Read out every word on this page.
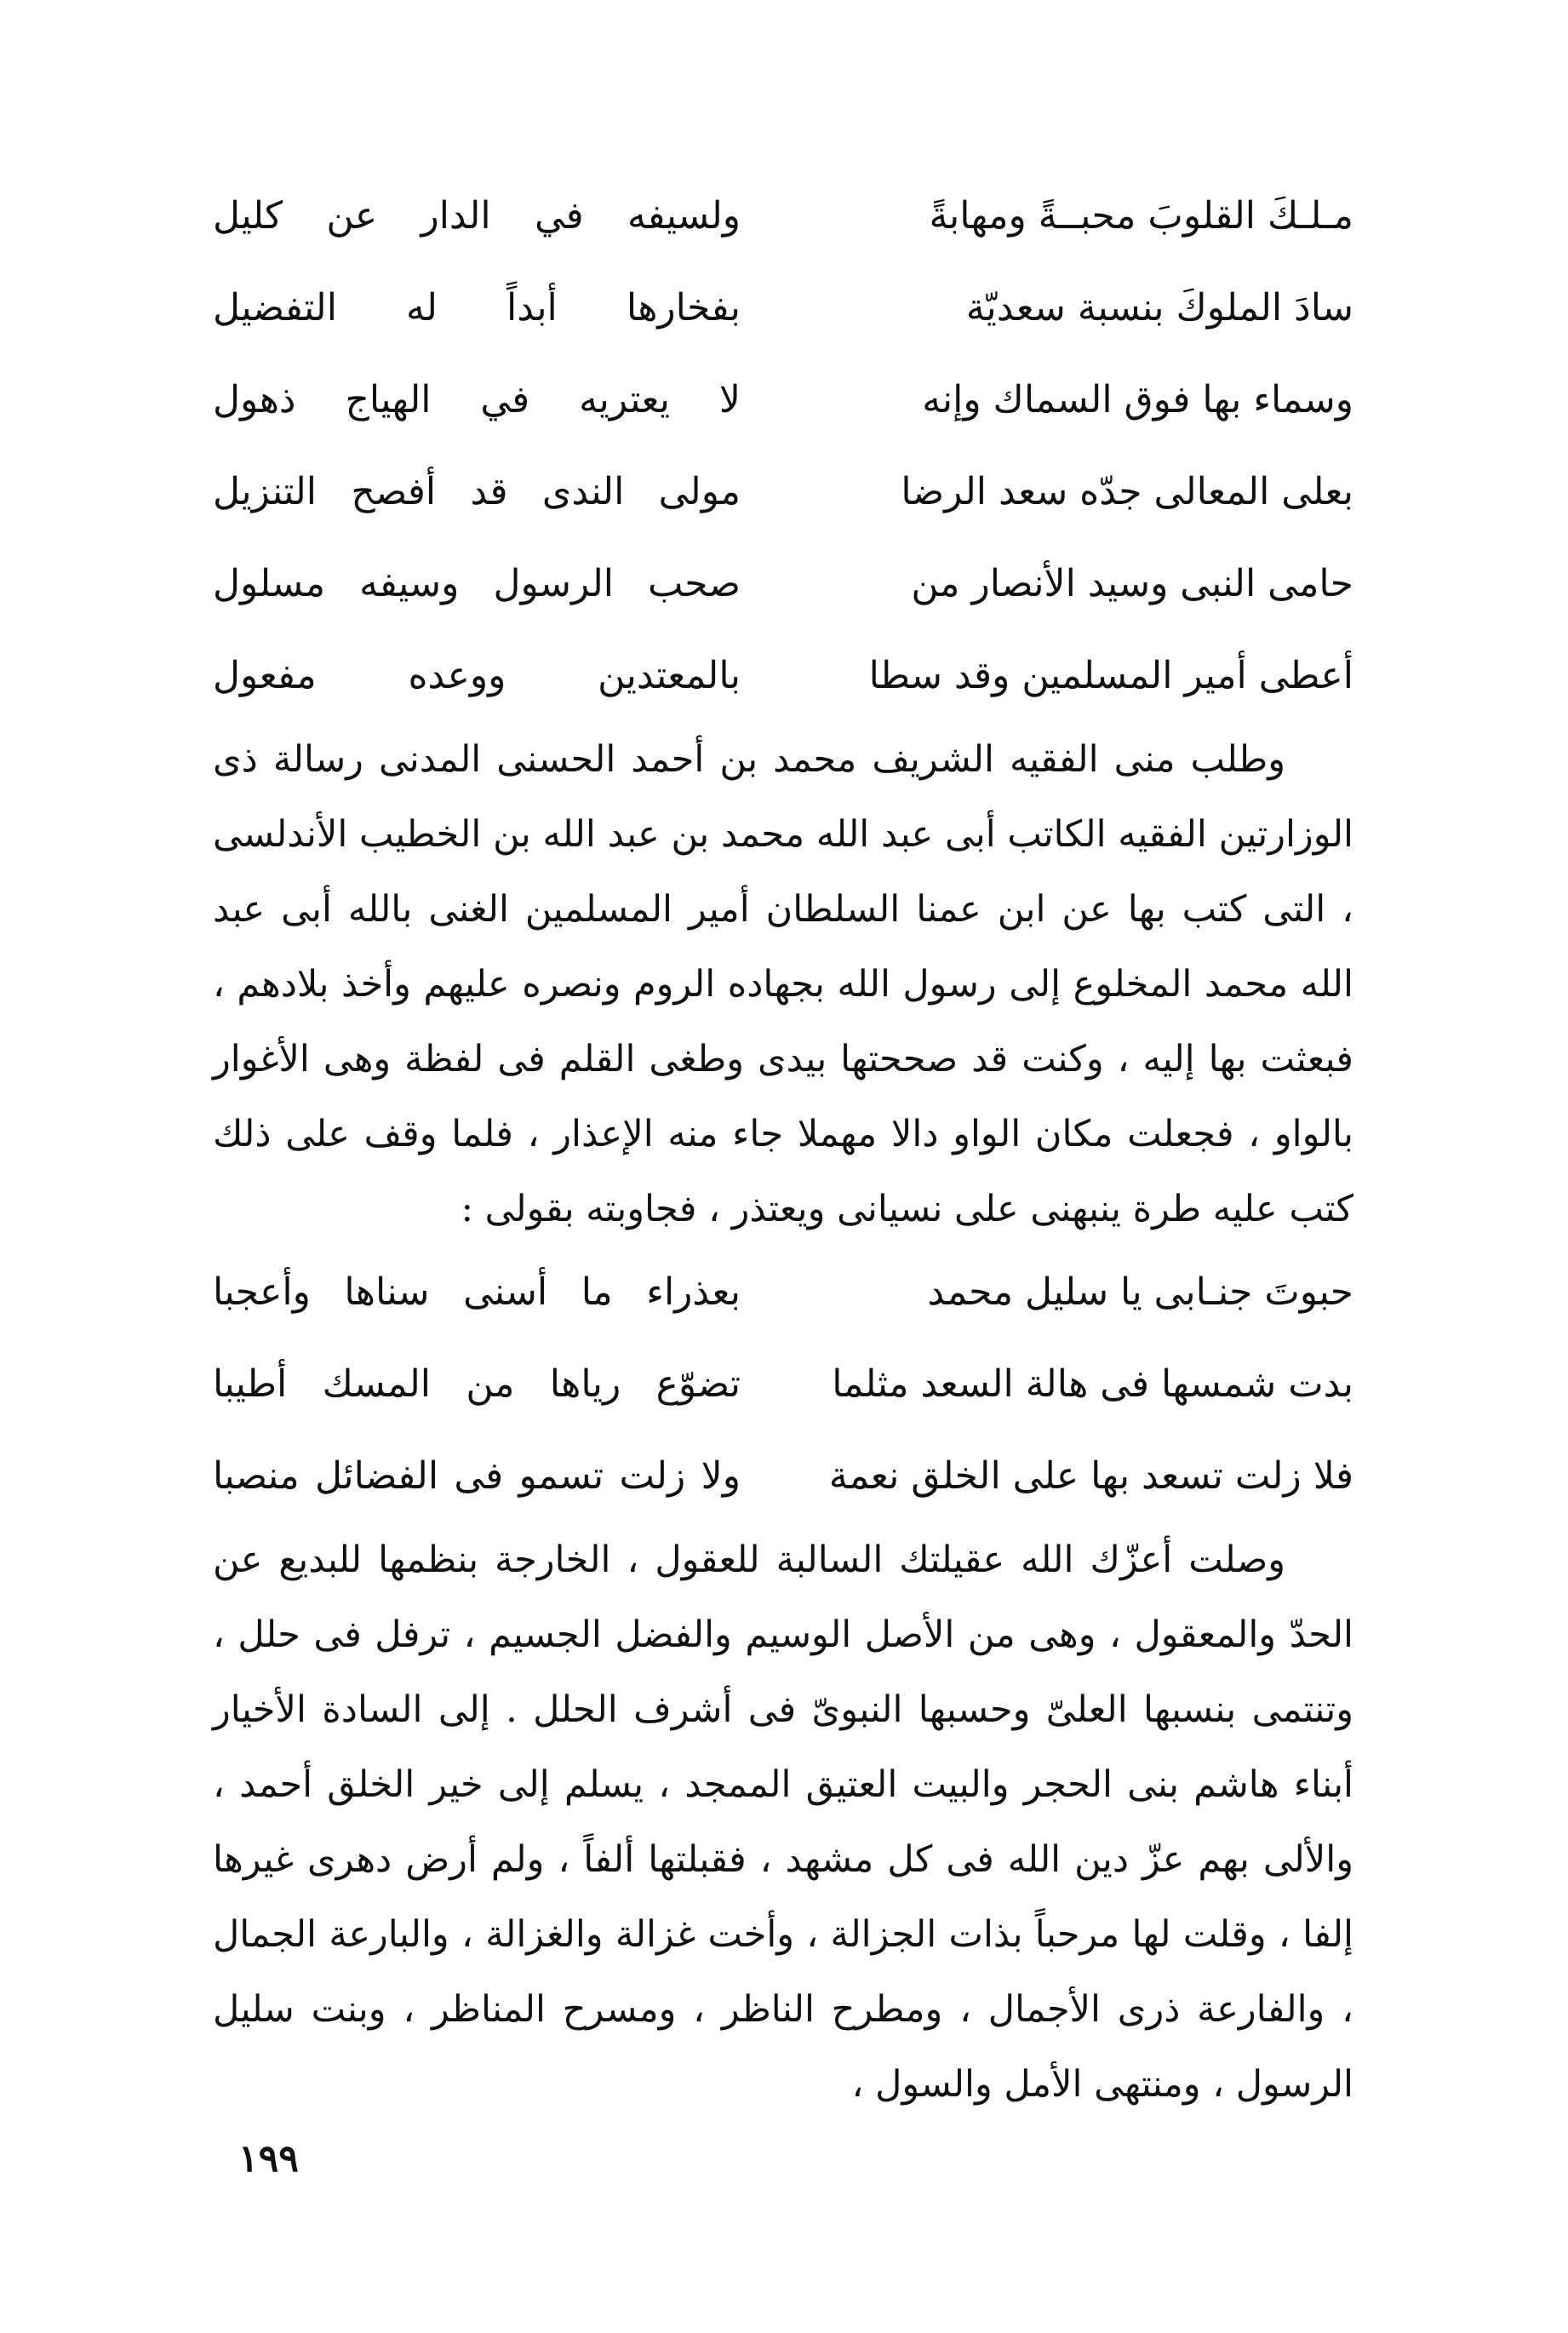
مـلـكَ القلوبَ محبــةً ومهابةً
ولسيفه في الدار عن كليل
سادَ الملوكَ بنسبة سعديّة
بفخارها أبداً له التفضيل
وسماء بها فوق السماك وإنه
لا يعتريه في الهياج ذهول
بعلى المعالى جدّه سعد الرضا
مولى الندى قد أفصح التنزيل
حامى النبى وسيد الأنصار من
صحب الرسول وسيفه مسلول
أعطى أمير المسلمين وقد سطا
بالمعتدين ووعده مفعول

وطلب منى الفقيه الشريف محمد بن أحمد الحسنى المدنى رسالة ذى الوزارتين الفقيه الكاتب أبى عبد الله محمد بن عبد الله بن الخطيب الأندلسى ، التى كتب بها عن ابن عمنا السلطان أمير المسلمين الغنى بالله أبى عبد الله محمد المخلوع إلى رسول الله بجهاده الروم ونصره عليهم وأخذ بلادهم ، فبعثت بها إليه ، وكنت قد صححتها بيدى وطغى القلم فى لفظة وهى الأغوار بالواو ، فجعلت مكان الواو دالا مهملا جاء منه الإعذار ، فلما وقف على ذلك كتب عليه طرة ينبهنى على نسيانى ويعتذر ، فجاوبته بقولى :

حبوتَ جنـابى يا سليل محمد
بعذراء ما أسنى سناها وأعجبا
بدت شمسها فى هالة السعد مثلما
تضوّع رياها من المسك أطيبا
فلا زلت تسعد بها على الخلق نعمة
ولا زلت تسمو فى الفضائل منصبا

وصلت أعزّك الله عقيلتك السالبة للعقول ، الخارجة بنظمها للبديع عن الحدّ والمعقول ، وهى من الأصل الوسيم والفضل الجسيم ، ترفل فى حلل ، وتنتمى بنسبها العلىّ وحسبها النبوىّ فى أشرف الحلل . إلى السادة الأخيار أبناء هاشم بنى الحجر والبيت العتيق الممجد ، يسلم إلى خير الخلق أحمد ، والألى بهم عزّ دين الله فى كل مشهد ، فقبلتها ألفاً ، ولم أرض دهرى غيرها إلفا ، وقلت لها مرحباً بذات الجزالة ، وأخت غزالة والغزالة ، والبارعة الجمال ، والفارعة ذرى الأجمال ، ومطرح الناظر ، ومسرح المناظر ، وبنت سليل الرسول ، ومنتهى الأمل والسول ،

١٩٩
